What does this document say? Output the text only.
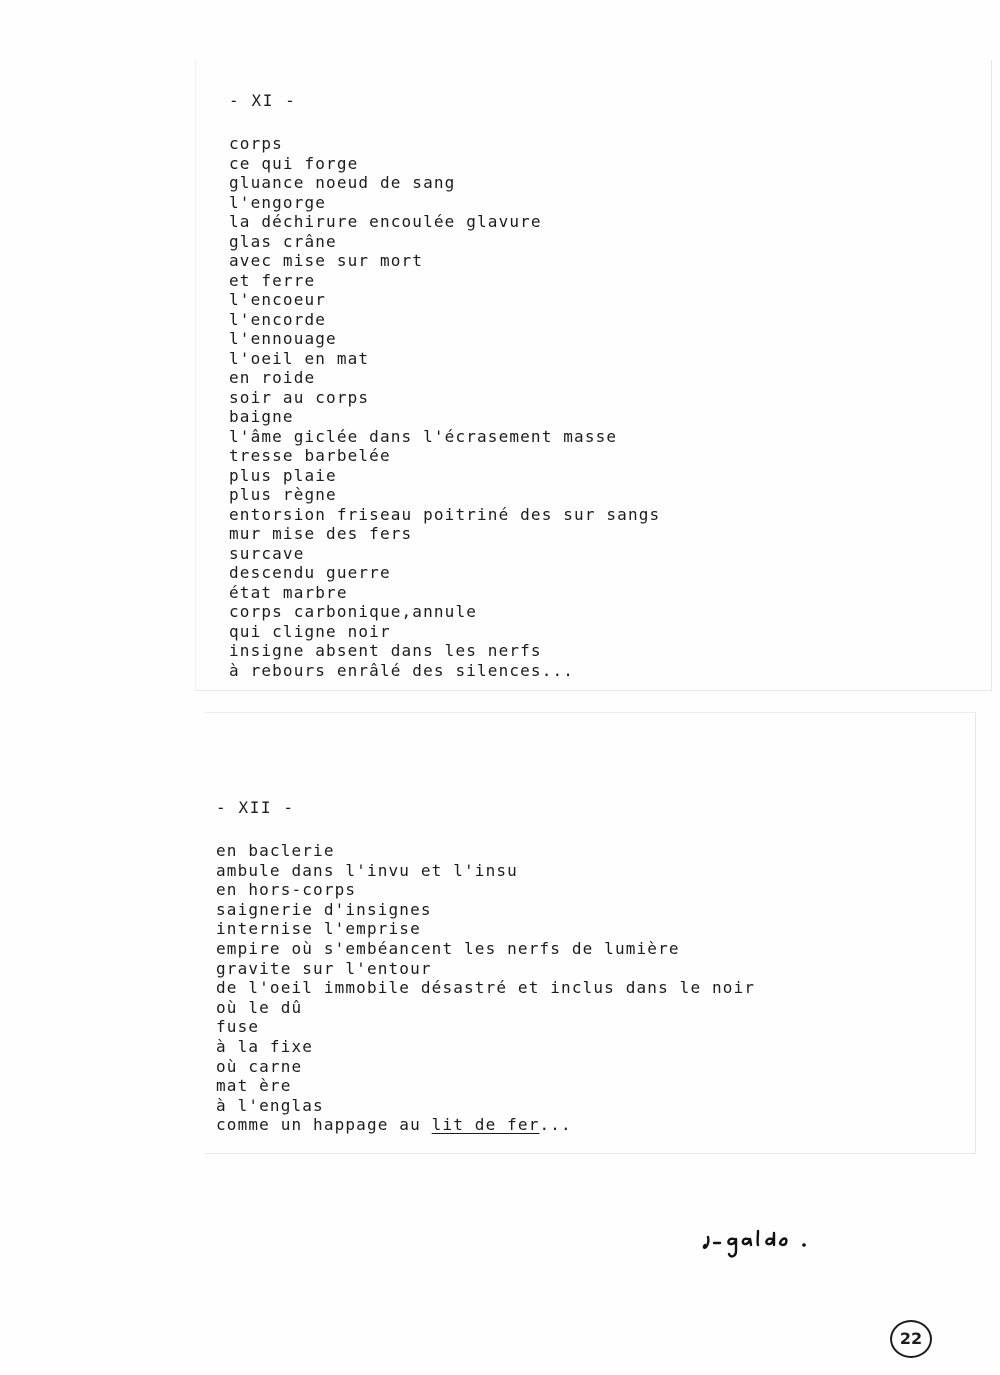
- XI -
corps
ce qui forge
gluance noeud de sang
l'engorge
la déchirure encoulée glavure
glas crâne
avec mise sur mort
et ferre
l'encoeur
l'encorde
l'ennouage
l'oeil en mat
en roide
soir au corps
baigne
l'âme giclée dans l'écrasement masse
tresse barbelée
plus plaie
plus règne
entorsion friseau poitriné des sur sangs
mur mise des fers
surcave
descendu guerre
état marbre
corps carbonique,annule
qui cligne noir
insigne absent dans les nerfs
à rebours enrâlé des silences...
- XII -
en baclerie
ambule dans l'invu et l'insu
en hors-corps
saignerie d'insignes
internise l'emprise
empire où s'embéancent les nerfs de lumière
gravite sur l'entour
de l'oeil immobile désastré et inclus dans le noir
où le dû
fuse
à la fixe
où carne
mat ère
à l'englas
comme un happage au lit de fer...
22
